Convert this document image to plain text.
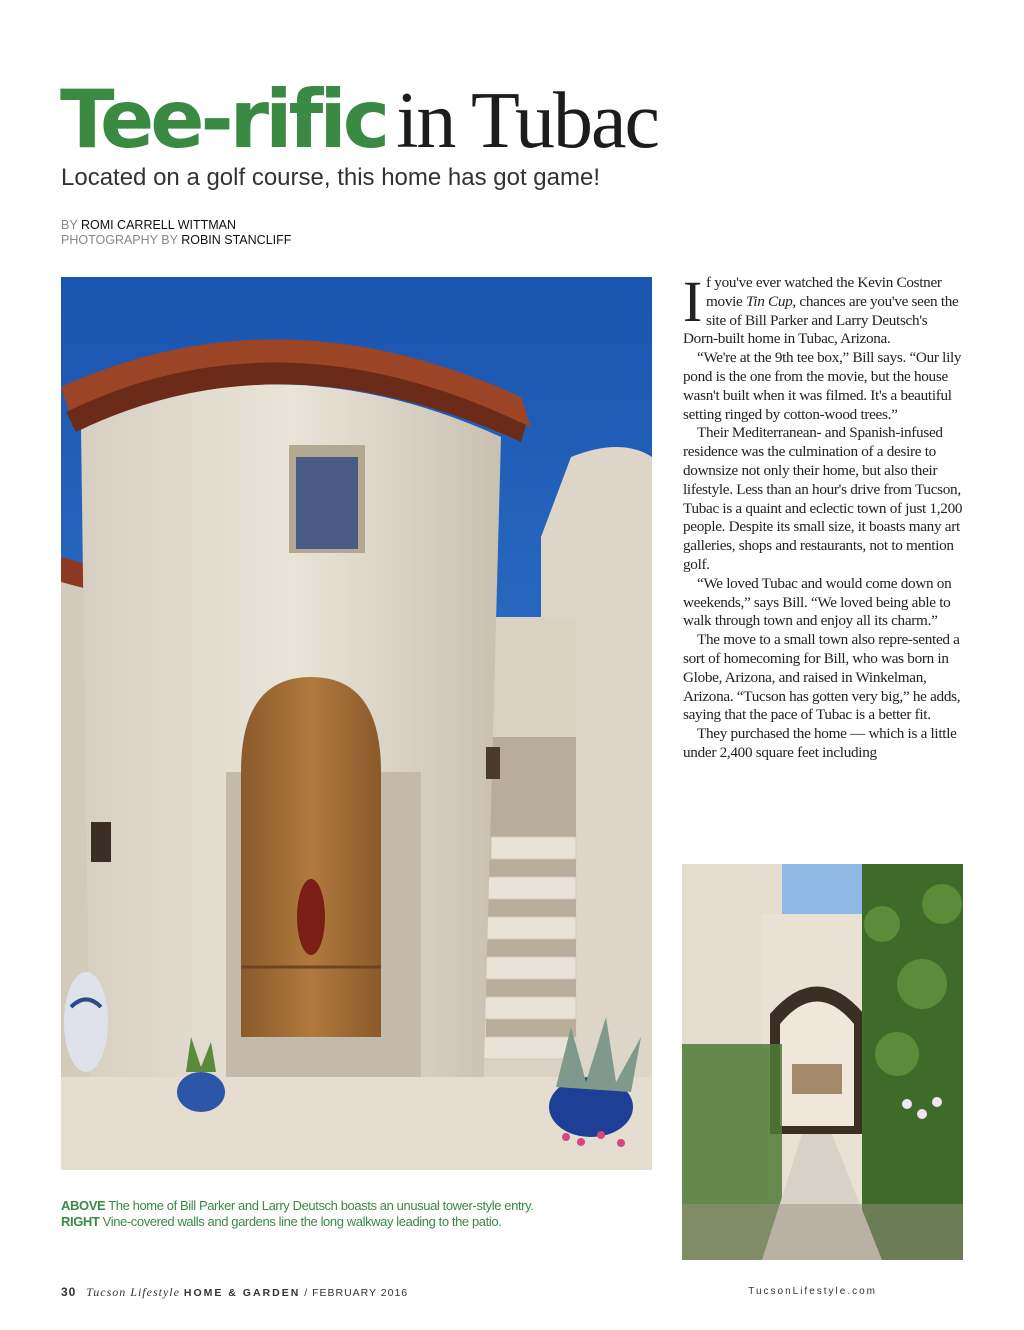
Tee-rific in Tubac
Located on a golf course, this home has got game!
BY ROMI CARRELL WITTMAN
PHOTOGRAPHY BY ROBIN STANCLIFF

If you've ever watched the Kevin Costner movie Tin Cup, chances are you've seen the site of Bill Parker and Larry Deutsch's Dorn-built home in Tubac, Arizona.

“We're at the 9th tee box,” Bill says. “Our lily pond is the one from the movie, but the house wasn't built when it was filmed. It's a beautiful setting ringed by cotton-wood trees.”

Their Mediterranean- and Spanish-infused residence was the culmination of a desire to downsize not only their home, but also their lifestyle. Less than an hour's drive from Tucson, Tubac is a quaint and eclectic town of just 1,200 people. Despite its small size, it boasts many art galleries, shops and restaurants, not to mention golf.

“We loved Tubac and would come down on weekends,” says Bill. “We loved being able to walk through town and enjoy all its charm.”

The move to a small town also repre-sented a sort of homecoming for Bill, who was born in Globe, Arizona, and raised in Winkelman, Arizona. “Tucson has gotten very big,” he adds, saying that the pace of Tubac is a better fit.

They purchased the home — which is a little under 2,400 square feet including

ABOVE The home of Bill Parker and Larry Deutsch boasts an unusual tower-style entry.
RIGHT Vine-covered walls and gardens line the long walkway leading to the patio.
30 Tucson Lifestyle HOME & GARDEN / FEBRUARY 2016	TucsonLifestyle.com
